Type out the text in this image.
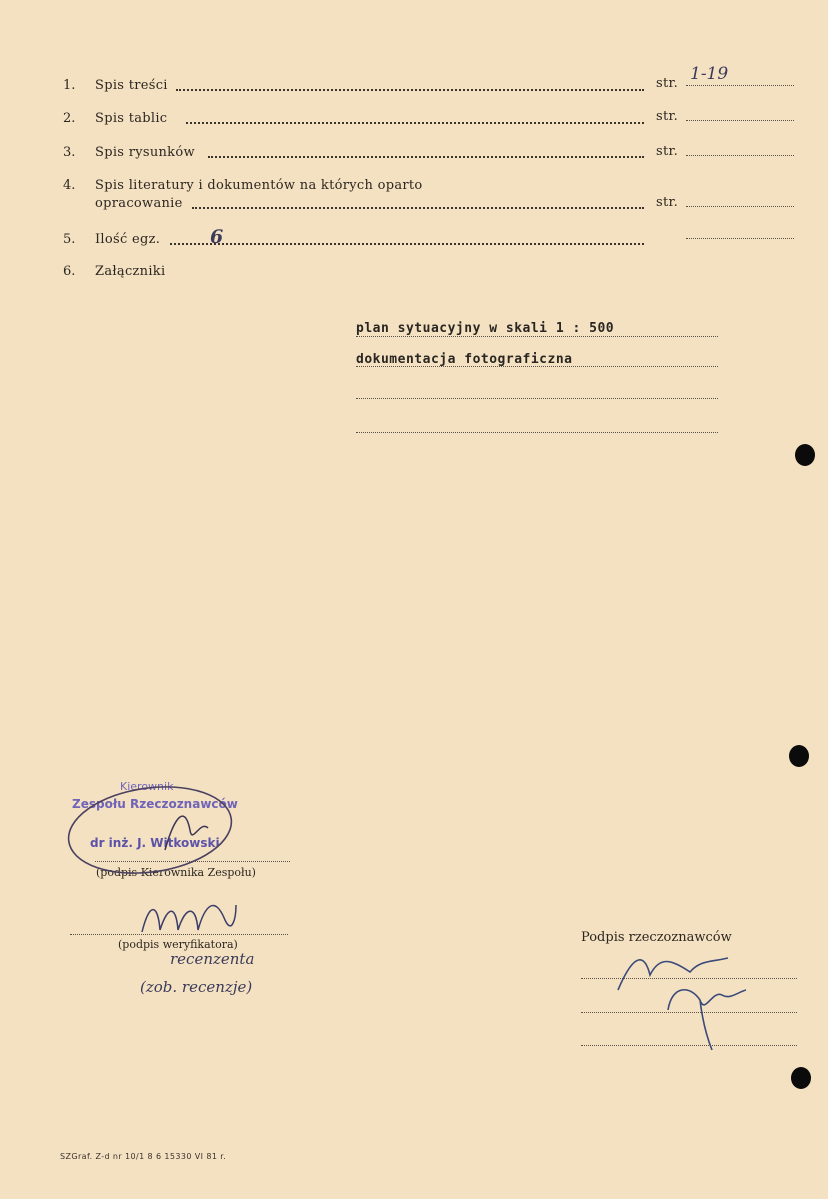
1. Spis treści	str. 1-19
2. Spis tablic	str.
3. Spis rysunków	str.
4. Spis literatury i dokumentów na których oparto
opracowanie	str.
5. Ilość egz.	6
6. Załączniki
plan sytuacyjny w skali 1 : 500
dokumentacja fotograficzna
Kierownik
Zespołu Rzeczoznawców
dr inż. J. Witkowski
(podpis Kierownika Zespołu)
(podpis weryfikatora)
recenzenta
(zob. recenzje)
Podpis rzeczoznawców
SZGraf. Z-d nr 10/1 8 6 15330 VI 81 r.
